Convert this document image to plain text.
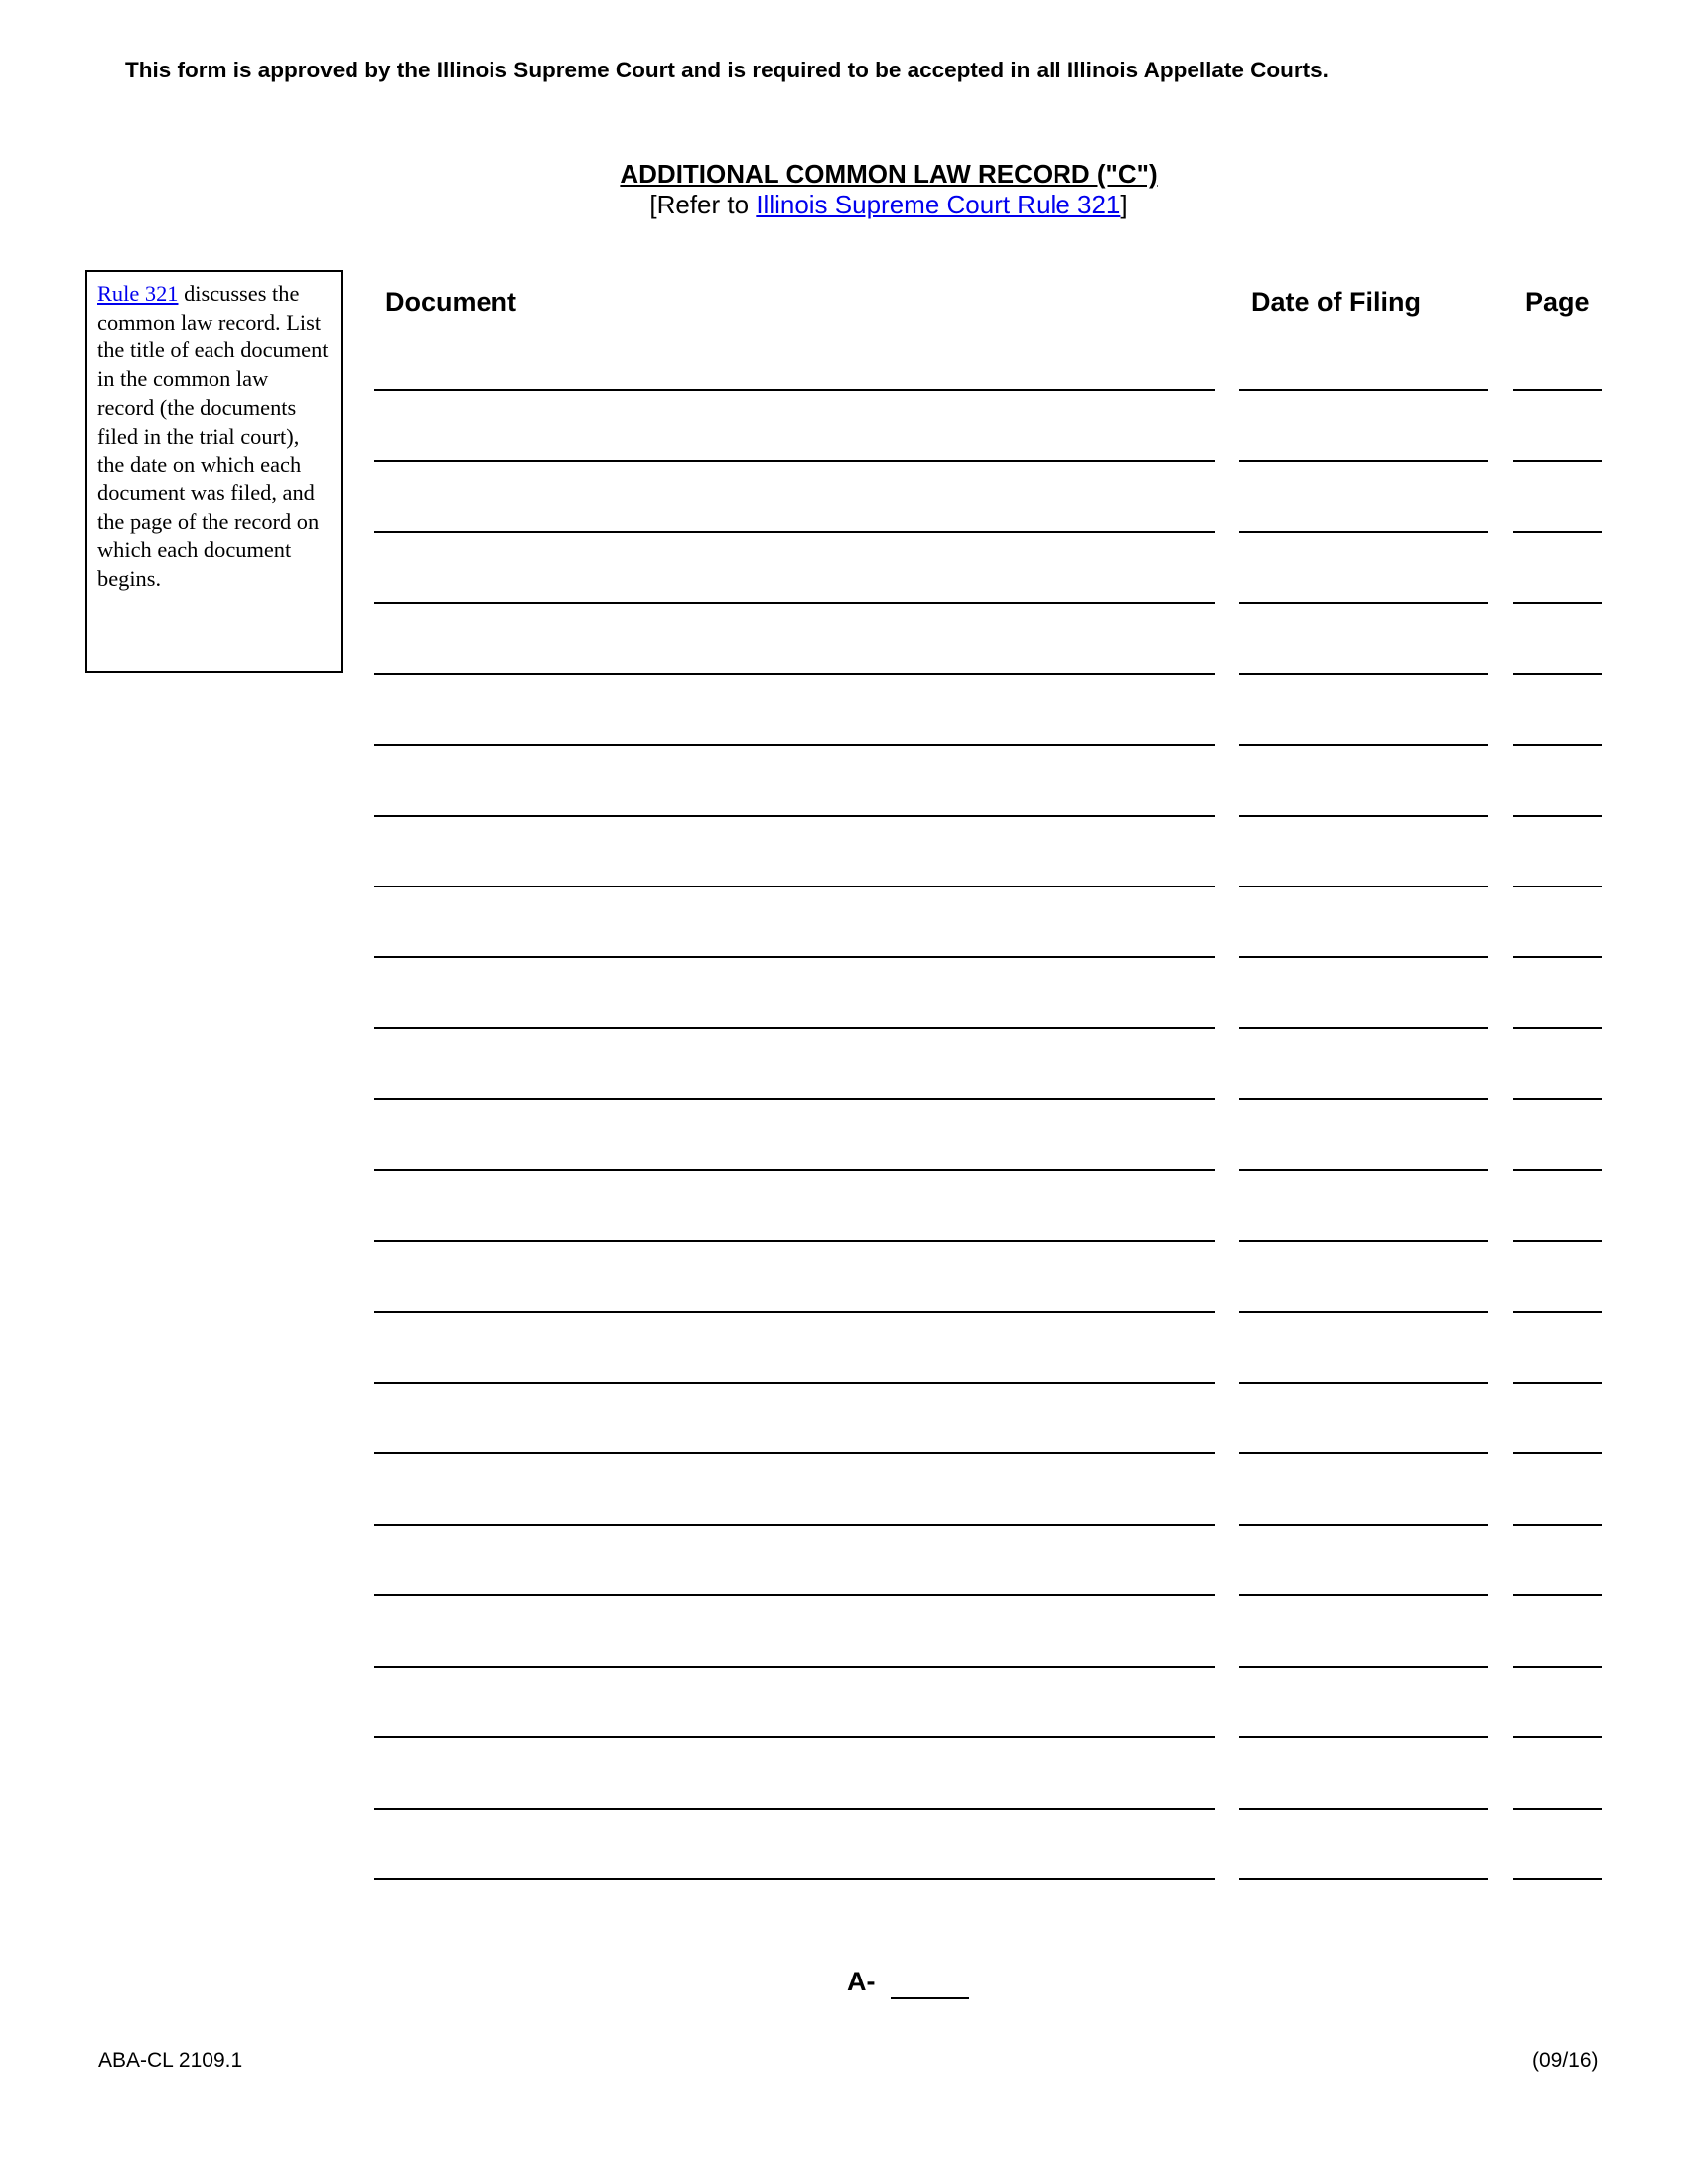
This form is approved by the Illinois Supreme Court and is required to be accepted in all Illinois Appellate Courts.
ADDITIONAL COMMON LAW RECORD ("C")
[Refer to Illinois Supreme Court Rule 321]
Rule 321 discusses the common law record. List the title of each document in the common law record (the documents filed in the trial court), the date on which each document was filed, and the page of the record on which each document begins.
Document	Date of Filing	Page
A-
ABA-CL 2109.1	(09/16)
